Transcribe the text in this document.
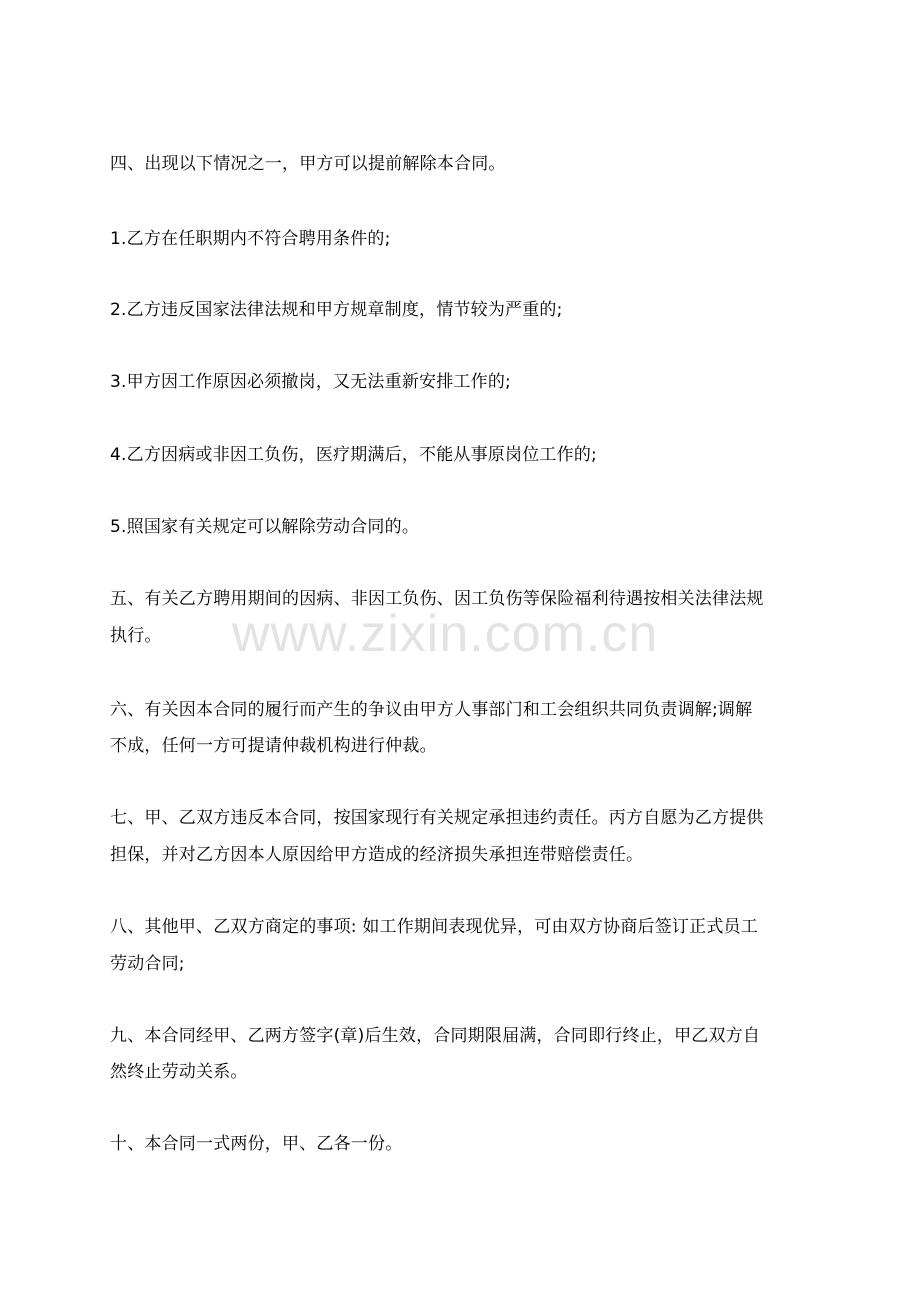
www.zixin.com.cn
四、出现以下情况之一，甲方可以提前解除本合同。
1.乙方在任职期内不符合聘用条件的;
2.乙方违反国家法律法规和甲方规章制度，情节较为严重的;
3.甲方因工作原因必须撤岗，又无法重新安排工作的;
4.乙方因病或非因工负伤，医疗期满后，不能从事原岗位工作的;
5.照国家有关规定可以解除劳动合同的。
五、有关乙方聘用期间的因病、非因工负伤、因工负伤等保险福利待遇按相关法律法规
执行。
六、有关因本合同的履行而产生的争议由甲方人事部门和工会组织共同负责调解;调解
不成，任何一方可提请仲裁机构进行仲裁。
七、甲、乙双方违反本合同，按国家现行有关规定承担违约责任。丙方自愿为乙方提供
担保，并对乙方因本人原因给甲方造成的经济损失承担连带赔偿责任。
八、其他甲、乙双方商定的事项: 如工作期间表现优异，可由双方协商后签订正式员工
劳动合同;
九、本合同经甲、乙两方签字(章)后生效，合同期限届满，合同即行终止，甲乙双方自
然终止劳动关系。
十、本合同一式两份，甲、乙各一份。
